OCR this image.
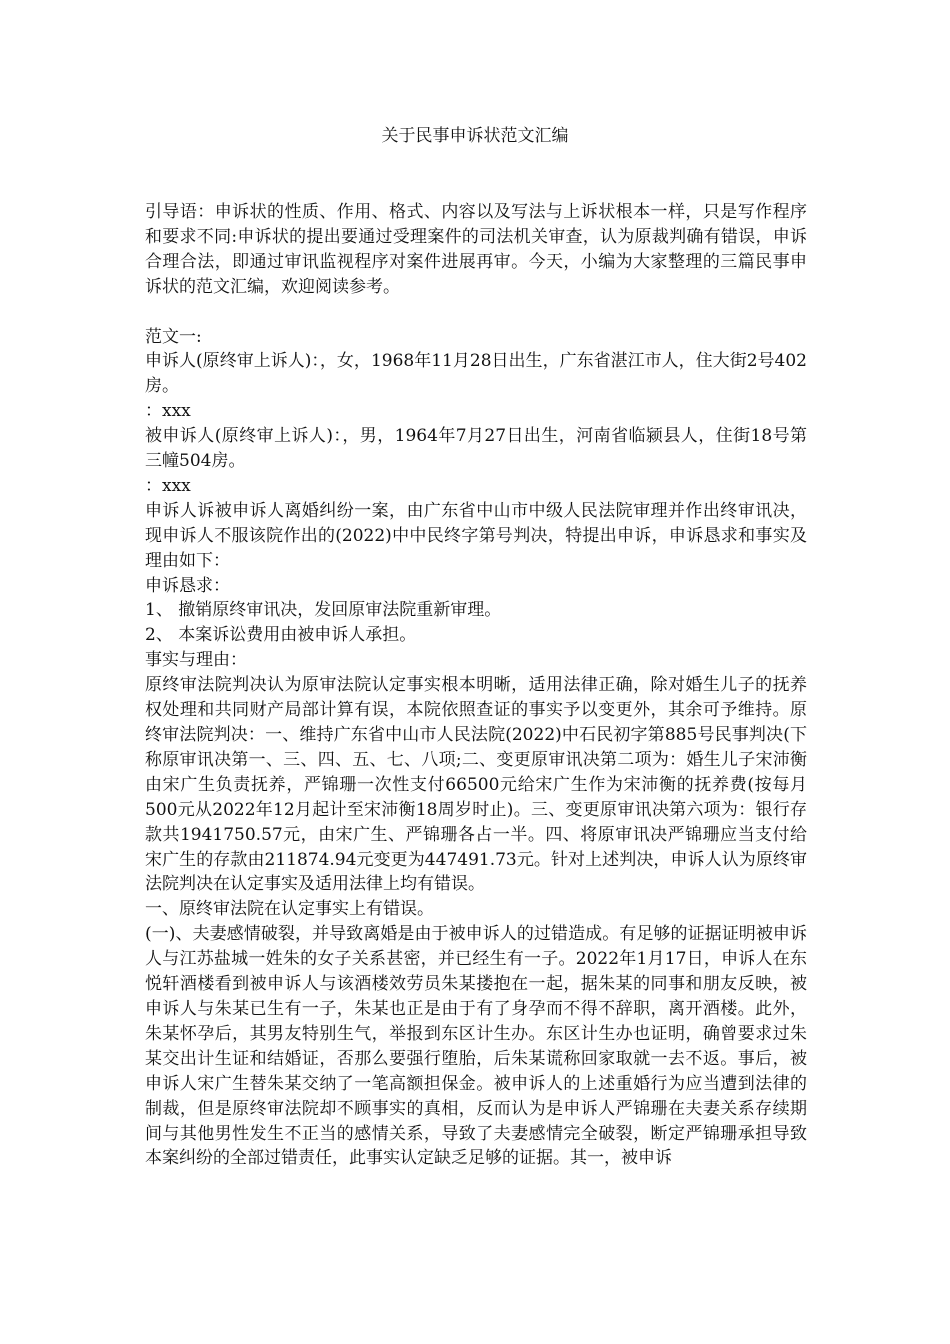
关于民事申诉状范文汇编

引导语：申诉状的性质、作用、格式、内容以及写法与上诉状根本一样，只是写作程序和要求不同:申诉状的提出要通过受理案件的司法机关审查，认为原裁判确有错误，申诉合理合法，即通过审讯监视程序对案件进展再审。今天，小编为大家整理的三篇民事申诉状的范文汇编，欢迎阅读参考。

范文一:

申诉人(原终审上诉人)：，女，1968年11月28日出生，广东省湛江市人，住大街2号402房。

：xxx

被申诉人(原终审上诉人)：，男，1964年7月27日出生，河南省临颍县人，住街18号第三幢504房。

：xxx

申诉人诉被申诉人离婚纠纷一案，由广东省中山市中级人民法院审理并作出终审讯决，现申诉人不服该院作出的(2022)中中民终字第号判决，特提出申诉，申诉恳求和事实及理由如下：

申诉恳求：

1、 撤销原终审讯决，发回原审法院重新审理。

2、 本案诉讼费用由被申诉人承担。

事实与理由：

原终审法院判决认为原审法院认定事实根本明晰，适用法律正确，除对婚生儿子的抚养权处理和共同财产局部计算有误，本院依照查证的事实予以变更外，其余可予维持。原终审法院判决：一、维持广东省中山市人民法院(2022)中石民初字第885号民事判决(下称原审讯决第一、三、四、五、七、八项;二、变更原审讯决第二项为：婚生儿子宋沛衡由宋广生负责抚养，严锦珊一次性支付66500元给宋广生作为宋沛衡的抚养费(按每月500元从2022年12月起计至宋沛衡18周岁时止)。三、变更原审讯决第六项为：银行存款共1941750.57元，由宋广生、严锦珊各占一半。四、将原审讯决严锦珊应当支付给宋广生的存款由211874.94元变更为447491.73元。针对上述判决，申诉人认为原终审法院判决在认定事实及适用法律上均有错误。

一、原终审法院在认定事实上有错误。

(一)、夫妻感情破裂，并导致离婚是由于被申诉人的过错造成。有足够的证据证明被申诉人与江苏盐城一姓朱的女子关系甚密，并已经生有一子。2022年1月17日，申诉人在东悦轩酒楼看到被申诉人与该酒楼效劳员朱某搂抱在一起，据朱某的同事和朋友反映，被申诉人与朱某已生有一子，朱某也正是由于有了身孕而不得不辞职，离开酒楼。此外，朱某怀孕后，其男友特别生气，举报到东区计生办。东区计生办也证明，确曾要求过朱某交出计生证和结婚证，否那么要强行堕胎，后朱某谎称回家取就一去不返。事后，被申诉人宋广生替朱某交纳了一笔高额担保金。被申诉人的上述重婚行为应当遭到法律的制裁，但是原终审法院却不顾事实的真相，反而认为是申诉人严锦珊在夫妻关系存续期间与其他男性发生不正当的感情关系，导致了夫妻感情完全破裂，断定严锦珊承担导致本案纠纷的全部过错责任，此事实认定缺乏足够的证据。其一，被申诉
